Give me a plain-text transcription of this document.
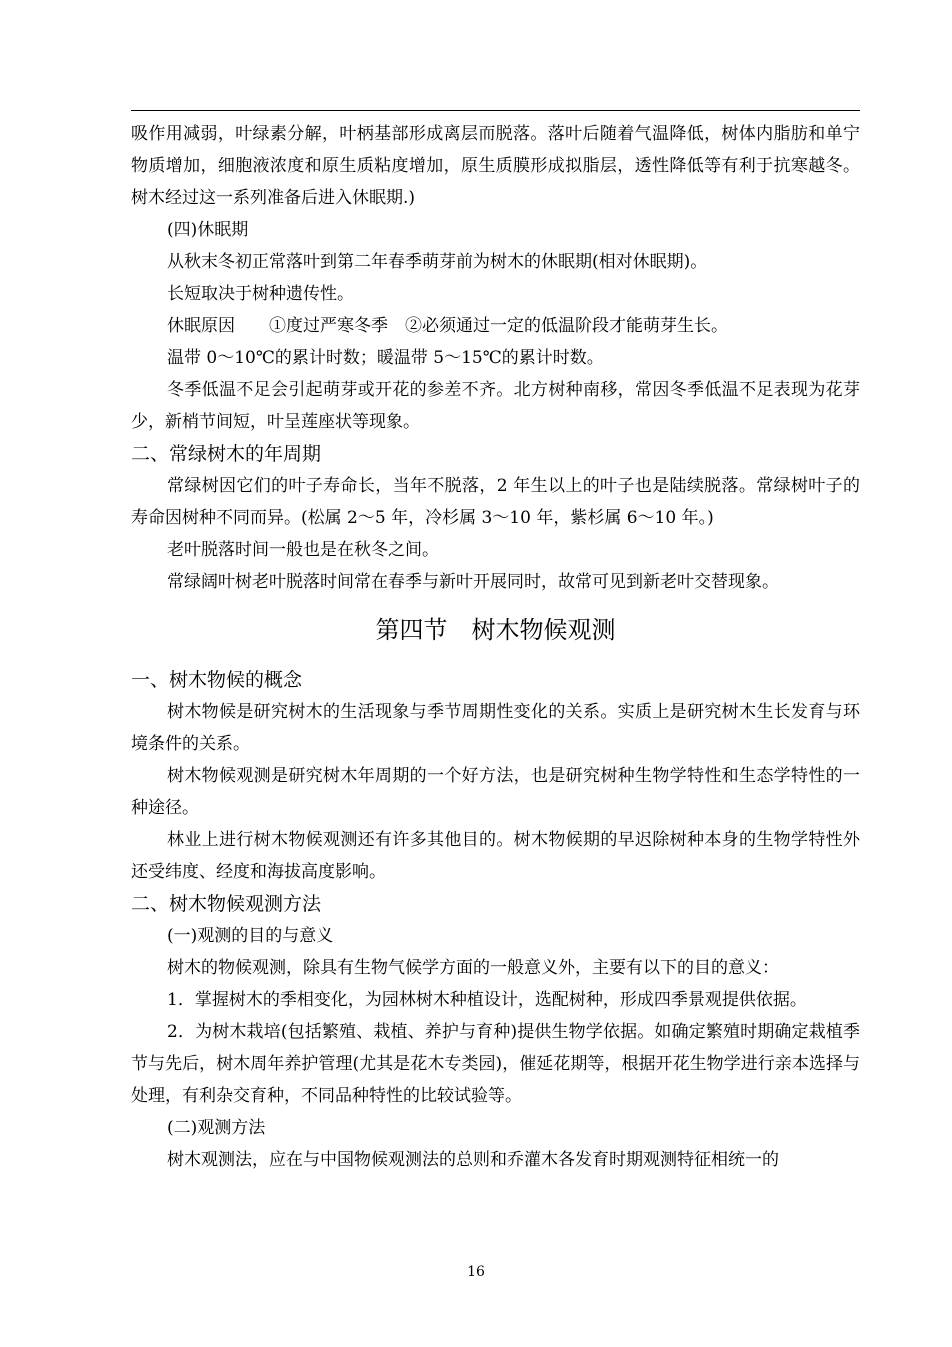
吸作用减弱，叶绿素分解，叶柄基部形成离层而脱落。落叶后随着气温降低，树体内脂肪和单宁物质增加，细胞液浓度和原生质粘度增加，原生质膜形成拟脂层，透性降低等有利于抗寒越冬。树木经过这一系列准备后进入休眠期.)

(四)休眠期

从秋末冬初正常落叶到第二年春季萌芽前为树木的休眠期(相对休眠期)。

长短取决于树种遗传性。

休眠原因　　①度过严寒冬季　②必须通过一定的低温阶段才能萌芽生长。

温带 0～10℃的累计时数；暖温带 5～15℃的累计时数。

冬季低温不足会引起萌芽或开花的参差不齐。北方树种南移，常因冬季低温不足表现为花芽少，新梢节间短，叶呈莲座状等现象。

二、常绿树木的年周期

常绿树因它们的叶子寿命长，当年不脱落，2 年生以上的叶子也是陆续脱落。常绿树叶子的寿命因树种不同而异。(松属 2～5 年，冷杉属 3～10 年，紫杉属 6～10 年。)

老叶脱落时间一般也是在秋冬之间。

常绿阔叶树老叶脱落时间常在春季与新叶开展同时，故常可见到新老叶交替现象。

第四节　树木物候观测
一、树木物候的概念

树木物候是研究树木的生活现象与季节周期性变化的关系。实质上是研究树木生长发育与环境条件的关系。

树木物候观测是研究树木年周期的一个好方法，也是研究树种生物学特性和生态学特性的一种途径。

林业上进行树木物候观测还有许多其他目的。树木物候期的早迟除树种本身的生物学特性外还受纬度、经度和海拔高度影响。

二、树木物候观测方法

(一)观测的目的与意义

树木的物候观测，除具有生物气候学方面的一般意义外，主要有以下的目的意义：

1．掌握树木的季相变化，为园林树木种植设计，选配树种，形成四季景观提供依据。

2．为树木栽培(包括繁殖、栽植、养护与育种)提供生物学依据。如确定繁殖时期确定栽植季节与先后，树木周年养护管理(尤其是花木专类园)，催延花期等，根据开花生物学进行亲本选择与处理，有利杂交育种，不同品种特性的比较试验等。

(二)观测方法

树木观测法，应在与中国物候观测法的总则和乔灌木各发育时期观测特征相统一的

16
